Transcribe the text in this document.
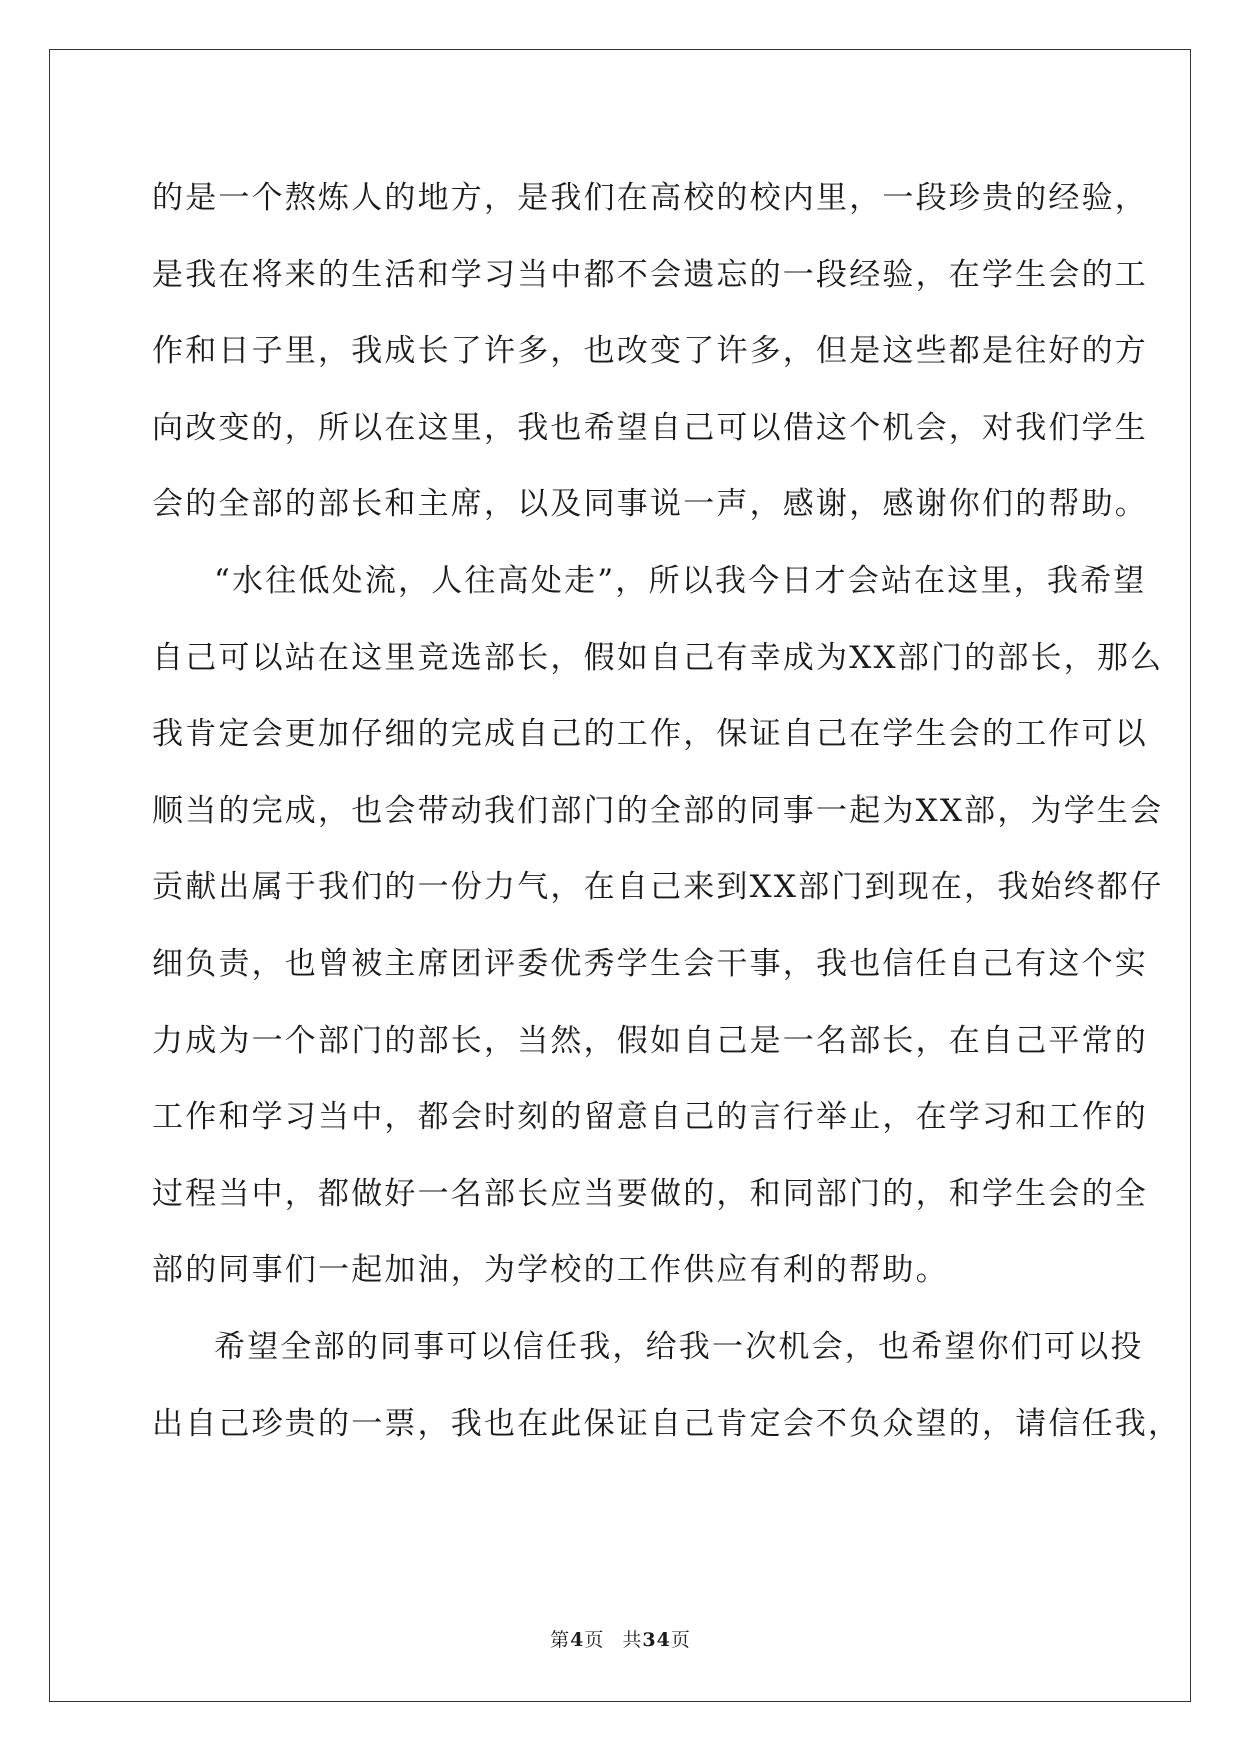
的是一个熬炼人的地方，是我们在高校的校内里，一段珍贵的经验，
是我在将来的生活和学习当中都不会遗忘的一段经验，在学生会的工
作和日子里，我成长了许多，也改变了许多，但是这些都是往好的方
向改变的，所以在这里，我也希望自己可以借这个机会，对我们学生
会的全部的部长和主席，以及同事说一声，感谢，感谢你们的帮助。
“水往低处流，人往高处走”，所以我今日才会站在这里，我希望
自己可以站在这里竞选部长，假如自己有幸成为XX部门的部长，那么
我肯定会更加仔细的完成自己的工作，保证自己在学生会的工作可以
顺当的完成，也会带动我们部门的全部的同事一起为XX部，为学生会
贡献出属于我们的一份力气，在自己来到XX部门到现在，我始终都仔
细负责，也曾被主席团评委优秀学生会干事，我也信任自己有这个实
力成为一个部门的部长，当然，假如自己是一名部长，在自己平常的
工作和学习当中，都会时刻的留意自己的言行举止，在学习和工作的
过程当中，都做好一名部长应当要做的，和同部门的，和学生会的全
部的同事们一起加油，为学校的工作供应有利的帮助。
希望全部的同事可以信任我，给我一次机会，也希望你们可以投
出自己珍贵的一票，我也在此保证自己肯定会不负众望的，请信任我，
第4页 共34页
